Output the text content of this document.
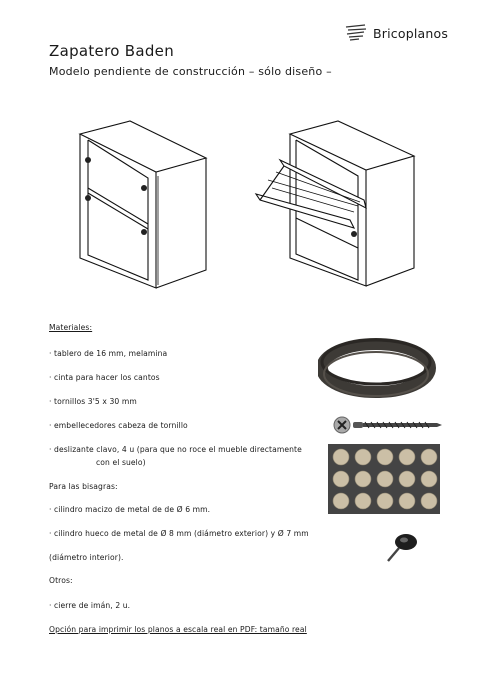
Bricoplanos
Zapatero Baden
Modelo pendiente de construcción – sólo diseño –
Materiales:
· tablero de 16 mm, melamina
· cinta para hacer los cantos
· tornillos 3'5 x 30 mm
· embellecedores cabeza de tornillo
· deslizante clavo, 4 u (para que no roce el mueble directamente
con el suelo)
Para las bisagras:
· cilindro macizo de metal de de Ø 6 mm.
· cilindro hueco de metal de Ø 8 mm (diámetro exterior) y Ø 7 mm
(diámetro interior).
Otros:
· cierre de imán, 2 u.
Opción para imprimir los planos a escala real en PDF: tamaño real
